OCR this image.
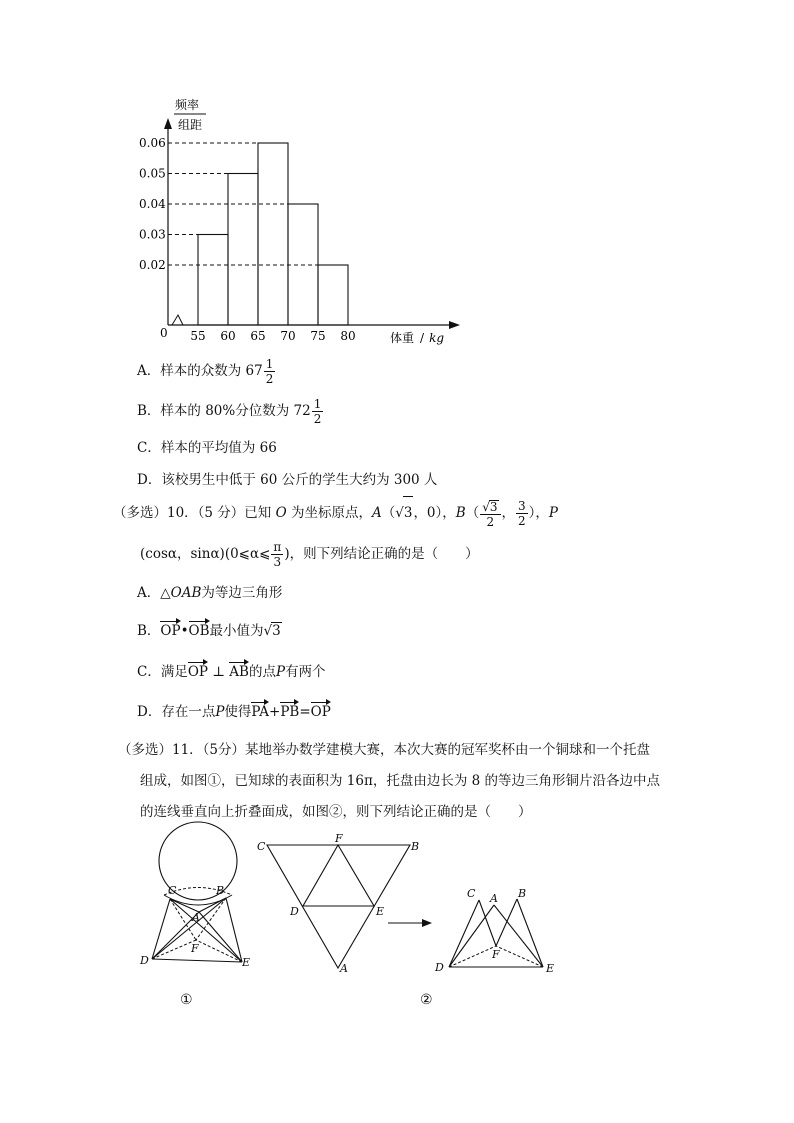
频率
组距
0	体重 / kg
0.06
0.05
0.04
0.03
0.02
55 60 65 70 75 80
A．样本的众数为 $67 \frac{1}{2}$
B．样本的 80%分位数为 $72 \frac{1}{2}$
C．样本的平均值为 66
D．该校男生中低于 60 公斤的学生大约为 300 人
（多选）10．（5 分）已知 O 为坐标原点，A（√3，0），$B( \frac{√3}{2}$ ， $\frac{3}{2}$ ），P
(cosα，sinα)(0⩽α⩽ $\frac{\pi}{3}$ )，则下列结论正确的是（　　）
A．△OAB为等边三角形
B．OP•OB最小值为√3
C．满足OP ⊥ AB的点P有两个
D．存在一点P使得PA+PB=OP
（多选）11．（5分）某地举办数学建模大赛，本次大赛的冠军奖杯由一个铜球和一个托盘
组成，如图①，已知球的表面积为 16π，托盘由边长为 8 的等边三角形铜片沿各边中点
的连线垂直向上折叠面成，如图②，则下列结论正确的是（　　）
C	B
A
F
D	E
①
C
F
B
D	E
A
C A B
F
D	E
②
